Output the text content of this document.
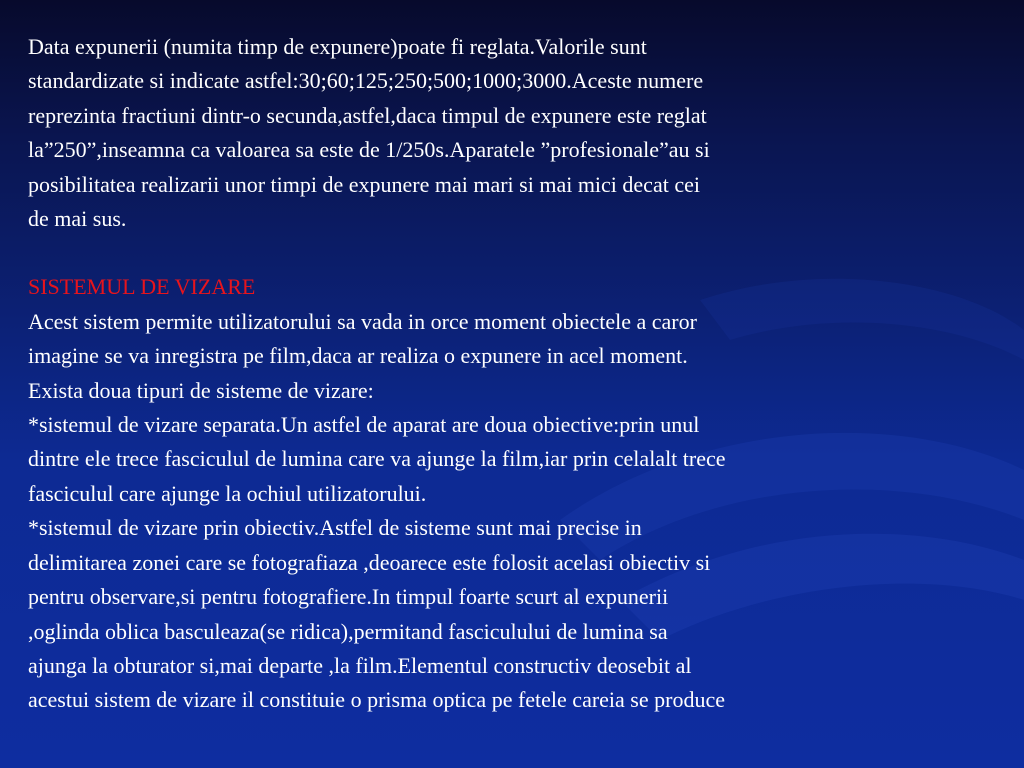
Data expunerii (numita timp de expunere)poate fi reglata.Valorile sunt
standardizate si indicate astfel:30;60;125;250;500;1000;3000.Aceste numere
reprezinta fractiuni dintr-o secunda,astfel,daca timpul de expunere este reglat
la”250”,inseamna ca valoarea sa este de 1/250s.Aparatele ”profesionale”au si
posibilitatea realizarii unor timpi de expunere mai mari si mai mici decat cei
de mai sus.

SISTEMUL DE VIZARE

Acest sistem permite utilizatorului sa vada in orce moment obiectele a caror
imagine se va inregistra pe film,daca ar realiza o expunere in acel moment.
Exista doua tipuri de sisteme de vizare:

*sistemul de vizare separata.Un astfel de aparat are doua obiective:prin unul
dintre ele trece fasciculul de lumina care va ajunge la film,iar prin celalalt trece
fasciculul care ajunge la ochiul utilizatorului.

*sistemul de vizare prin obiectiv.Astfel de sisteme sunt mai precise in
delimitarea zonei care se fotografiaza ,deoarece este folosit acelasi obiectiv si
pentru observare,si pentru fotografiere.In timpul foarte scurt al expunerii
,oglinda oblica basculeaza(se ridica),permitand fasciculului de lumina sa
ajunga la obturator si,mai departe ,la film.Elementul constructiv deosebit al
acestui sistem de vizare il constituie o prisma optica pe fetele careia se produce
